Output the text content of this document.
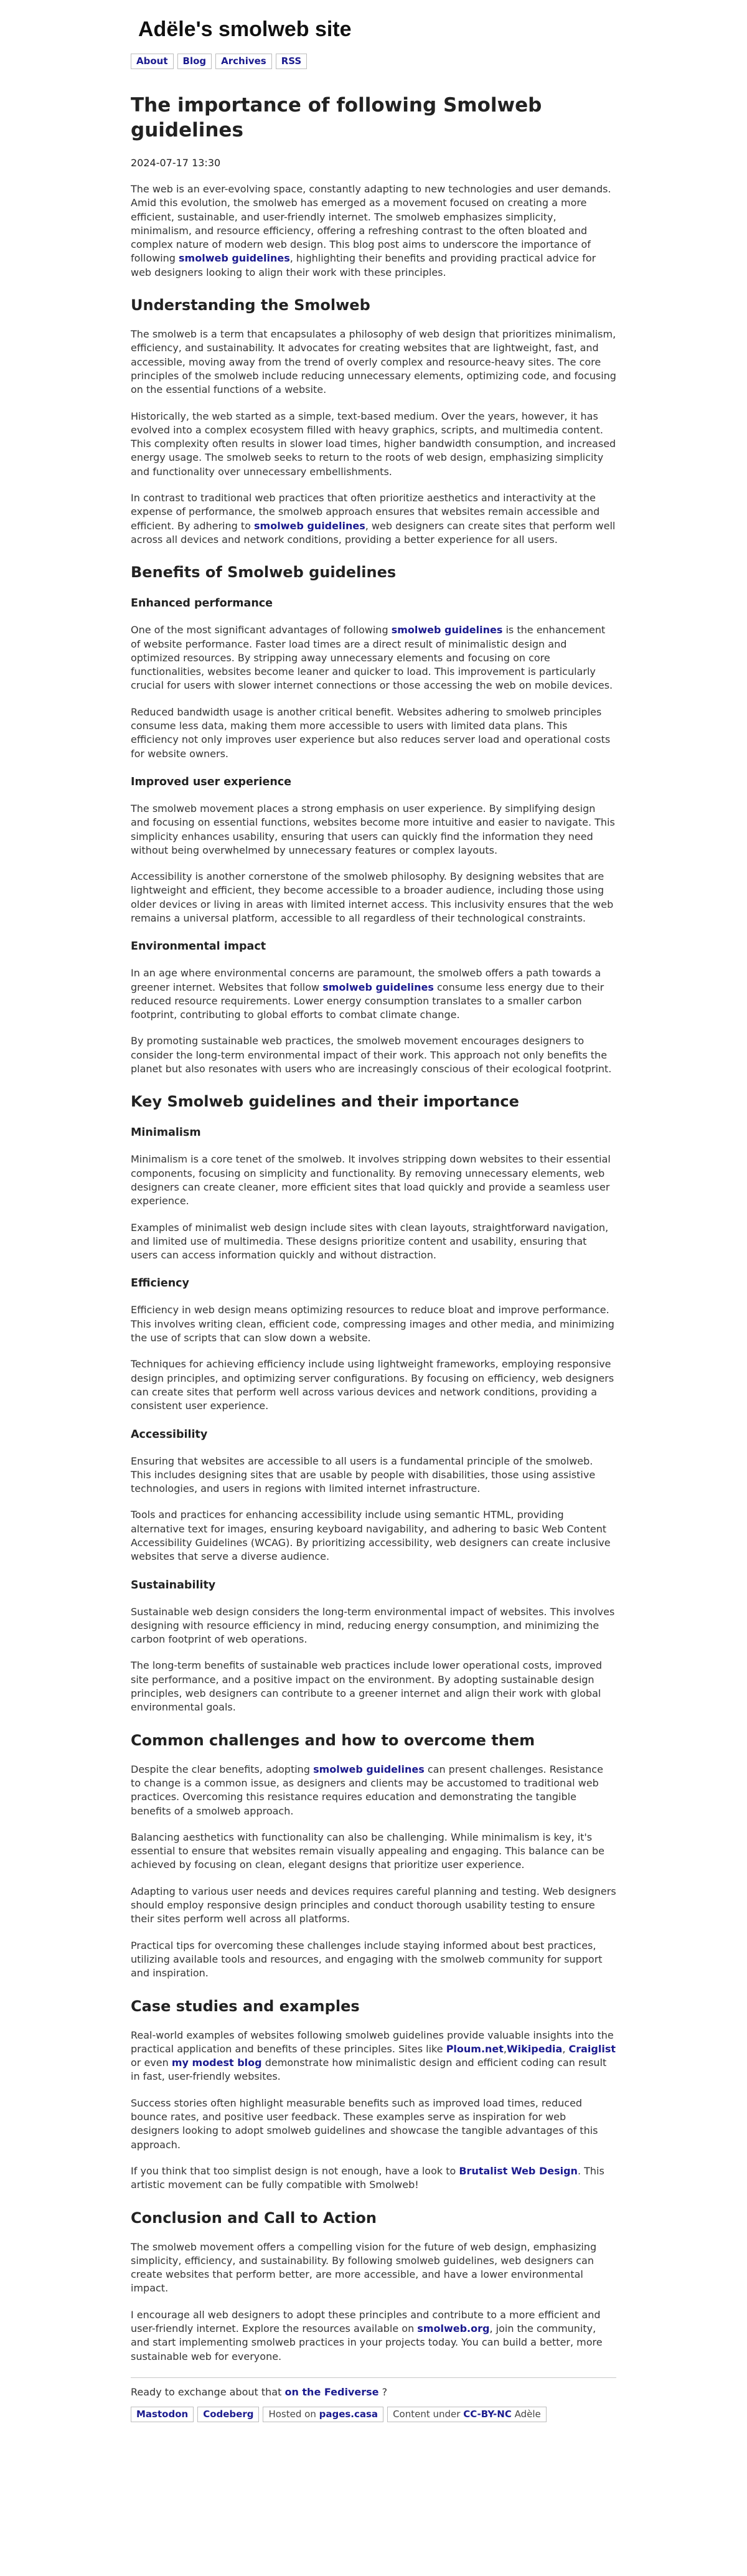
Adële's smolweb site
About Blog Archives RSS
The importance of following Smolweb guidelines
2024-07-17 13:30

The web is an ever-evolving space, constantly adapting to new technologies and user demands. Amid this evolution, the smolweb has emerged as a movement focused on creating a more efficient, sustainable, and user-friendly internet. The smolweb emphasizes simplicity, minimalism, and resource efficiency, offering a refreshing contrast to the often bloated and complex nature of modern web design. This blog post aims to underscore the importance of following smolweb guidelines, highlighting their benefits and providing practical advice for web designers looking to align their work with these principles.

Understanding the Smolweb

The smolweb is a term that encapsulates a philosophy of web design that prioritizes minimalism, efficiency, and sustainability. It advocates for creating websites that are lightweight, fast, and accessible, moving away from the trend of overly complex and resource-heavy sites. The core principles of the smolweb include reducing unnecessary elements, optimizing code, and focusing on the essential functions of a website.

Historically, the web started as a simple, text-based medium. Over the years, however, it has evolved into a complex ecosystem filled with heavy graphics, scripts, and multimedia content. This complexity often results in slower load times, higher bandwidth consumption, and increased energy usage. The smolweb seeks to return to the roots of web design, emphasizing simplicity and functionality over unnecessary embellishments.

In contrast to traditional web practices that often prioritize aesthetics and interactivity at the expense of performance, the smolweb approach ensures that websites remain accessible and efficient. By adhering to smolweb guidelines, web designers can create sites that perform well across all devices and network conditions, providing a better experience for all users.

Benefits of Smolweb guidelines
Enhanced performance

One of the most significant advantages of following smolweb guidelines is the enhancement of website performance. Faster load times are a direct result of minimalistic design and optimized resources. By stripping away unnecessary elements and focusing on core functionalities, websites become leaner and quicker to load. This improvement is particularly crucial for users with slower internet connections or those accessing the web on mobile devices.

Reduced bandwidth usage is another critical benefit. Websites adhering to smolweb principles consume less data, making them more accessible to users with limited data plans. This efficiency not only improves user experience but also reduces server load and operational costs for website owners.

Improved user experience

The smolweb movement places a strong emphasis on user experience. By simplifying design and focusing on essential functions, websites become more intuitive and easier to navigate. This simplicity enhances usability, ensuring that users can quickly find the information they need without being overwhelmed by unnecessary features or complex layouts.

Accessibility is another cornerstone of the smolweb philosophy. By designing websites that are lightweight and efficient, they become accessible to a broader audience, including those using older devices or living in areas with limited internet access. This inclusivity ensures that the web remains a universal platform, accessible to all regardless of their technological constraints.

Environmental impact

In an age where environmental concerns are paramount, the smolweb offers a path towards a greener internet. Websites that follow smolweb guidelines consume less energy due to their reduced resource requirements. Lower energy consumption translates to a smaller carbon footprint, contributing to global efforts to combat climate change.

By promoting sustainable web practices, the smolweb movement encourages designers to consider the long-term environmental impact of their work. This approach not only benefits the planet but also resonates with users who are increasingly conscious of their ecological footprint.

Key Smolweb guidelines and their importance
Minimalism

Minimalism is a core tenet of the smolweb. It involves stripping down websites to their essential components, focusing on simplicity and functionality. By removing unnecessary elements, web designers can create cleaner, more efficient sites that load quickly and provide a seamless user experience.

Examples of minimalist web design include sites with clean layouts, straightforward navigation, and limited use of multimedia. These designs prioritize content and usability, ensuring that users can access information quickly and without distraction.

Efficiency

Efficiency in web design means optimizing resources to reduce bloat and improve performance. This involves writing clean, efficient code, compressing images and other media, and minimizing the use of scripts that can slow down a website.

Techniques for achieving efficiency include using lightweight frameworks, employing responsive design principles, and optimizing server configurations. By focusing on efficiency, web designers can create sites that perform well across various devices and network conditions, providing a consistent user experience.

Accessibility

Ensuring that websites are accessible to all users is a fundamental principle of the smolweb. This includes designing sites that are usable by people with disabilities, those using assistive technologies, and users in regions with limited internet infrastructure.

Tools and practices for enhancing accessibility include using semantic HTML, providing alternative text for images, ensuring keyboard navigability, and adhering to basic Web Content Accessibility Guidelines (WCAG). By prioritizing accessibility, web designers can create inclusive websites that serve a diverse audience.

Sustainability

Sustainable web design considers the long-term environmental impact of websites. This involves designing with resource efficiency in mind, reducing energy consumption, and minimizing the carbon footprint of web operations.

The long-term benefits of sustainable web practices include lower operational costs, improved site performance, and a positive impact on the environment. By adopting sustainable design principles, web designers can contribute to a greener internet and align their work with global environmental goals.

Common challenges and how to overcome them

Despite the clear benefits, adopting smolweb guidelines can present challenges. Resistance to change is a common issue, as designers and clients may be accustomed to traditional web practices. Overcoming this resistance requires education and demonstrating the tangible benefits of a smolweb approach.

Balancing aesthetics with functionality can also be challenging. While minimalism is key, it's essential to ensure that websites remain visually appealing and engaging. This balance can be achieved by focusing on clean, elegant designs that prioritize user experience.

Adapting to various user needs and devices requires careful planning and testing. Web designers should employ responsive design principles and conduct thorough usability testing to ensure their sites perform well across all platforms.

Practical tips for overcoming these challenges include staying informed about best practices, utilizing available tools and resources, and engaging with the smolweb community for support and inspiration.

Case studies and examples

Real-world examples of websites following smolweb guidelines provide valuable insights into the practical application and benefits of these principles. Sites like Ploum.net,Wikipedia, Craiglist or even my modest blog demonstrate how minimalistic design and efficient coding can result in fast, user-friendly websites.

Success stories often highlight measurable benefits such as improved load times, reduced bounce rates, and positive user feedback. These examples serve as inspiration for web designers looking to adopt smolweb guidelines and showcase the tangible advantages of this approach.

If you think that too simplist design is not enough, have a look to Brutalist Web Design. This artistic movement can be fully compatible with Smolweb!

Conclusion and Call to Action

The smolweb movement offers a compelling vision for the future of web design, emphasizing simplicity, efficiency, and sustainability. By following smolweb guidelines, web designers can create websites that perform better, are more accessible, and have a lower environmental impact.

I encourage all web designers to adopt these principles and contribute to a more efficient and user-friendly internet. Explore the resources available on smolweb.org, join the community, and start implementing smolweb practices in your projects today. You can build a better, more sustainable web for everyone.

Ready to exchange about that on the Fediverse ?
Mastodon Codeberg Hosted on pages.casa Content under CC-BY-NC Adèle
